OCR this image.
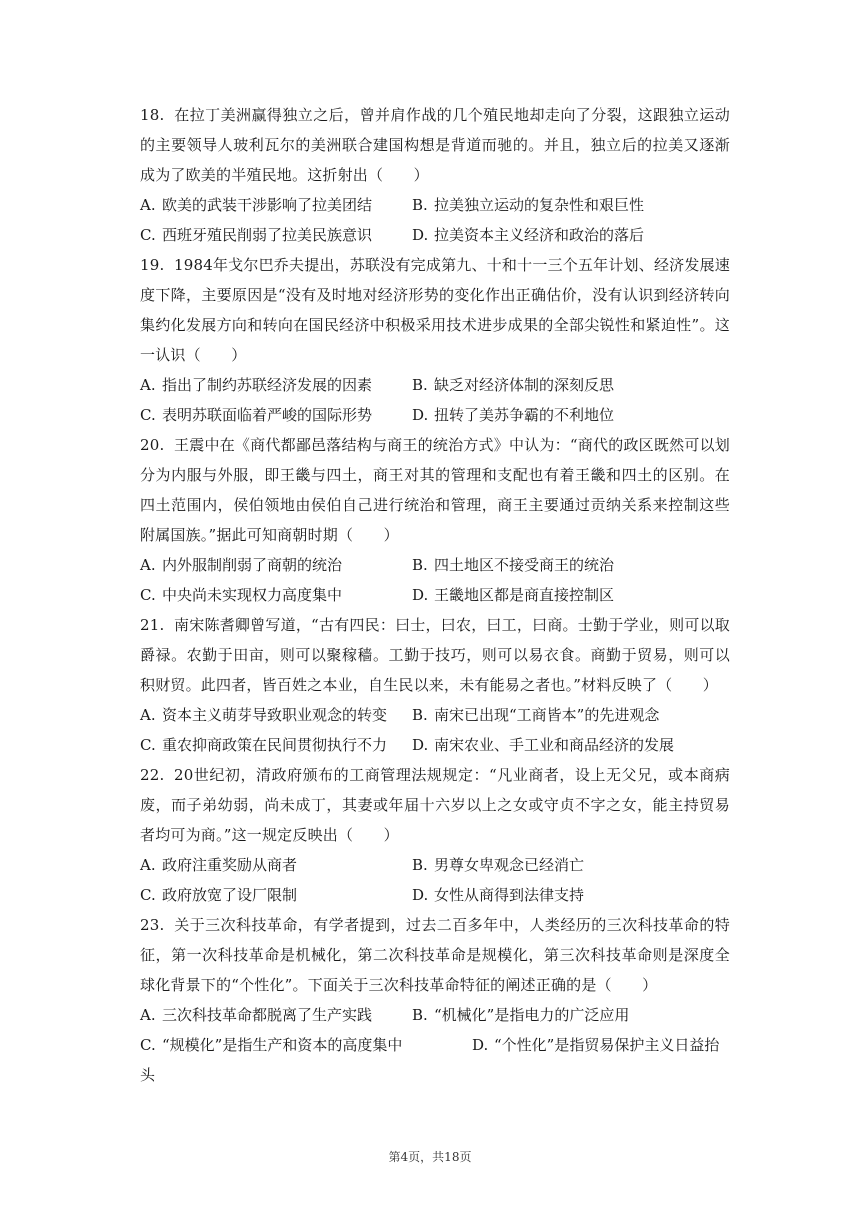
18. 在拉丁美洲赢得独立之后，曾并肩作战的几个殖民地却走向了分裂，这跟独立运动的主要领导人玻利瓦尔的美洲联合建国构想是背道而驰的。并且，独立后的拉美又逐渐成为了欧美的半殖民地。这折射出（　　）

A. 欧美的武装干涉影响了拉美团结	B. 拉美独立运动的复杂性和艰巨性
C. 西班牙殖民削弱了拉美民族意识	D. 拉美资本主义经济和政治的落后

19. 1984年戈尔巴乔夫提出，苏联没有完成第九、十和十一三个五年计划、经济发展速度下降，主要原因是“没有及时地对经济形势的变化作出正确估价，没有认识到经济转向集约化发展方向和转向在国民经济中积极采用技术进步成果的全部尖锐性和紧迫性”。这一认识（　　）

A. 指出了制约苏联经济发展的因素	B. 缺乏对经济体制的深刻反思
C. 表明苏联面临着严峻的国际形势	D. 扭转了美苏争霸的不利地位

20. 王震中在《商代都鄙邑落结构与商王的统治方式》中认为：“商代的政区既然可以划分为内服与外服，即王畿与四土，商王对其的管理和支配也有着王畿和四土的区别。在四土范围内，侯伯领地由侯伯自己进行统治和管理，商王主要通过贡纳关系来控制这些附属国族。”据此可知商朝时期（　　）

A. 内外服制削弱了商朝的统治	B. 四土地区不接受商王的统治
C. 中央尚未实现权力高度集中	D. 王畿地区都是商直接控制区

21. 南宋陈耆卿曾写道，“古有四民：曰士，曰农，曰工，曰商。士勤于学业，则可以取爵禄。农勤于田亩，则可以聚稼穑。工勤于技巧，则可以易衣食。商勤于贸易，则可以积财贸。此四者，皆百姓之本业，自生民以来，未有能易之者也。”材料反映了（　　）

A. 资本主义萌芽导致职业观念的转变	B. 南宋已出现“工商皆本”的先进观念
C. 重农抑商政策在民间贯彻执行不力	D. 南宋农业、手工业和商品经济的发展

22. 20世纪初，清政府颁布的工商管理法规规定：“凡业商者，设上无父兄，或本商病废，而子弟幼弱，尚未成丁，其妻或年届十六岁以上之女或守贞不字之女，能主持贸易者均可为商。”这一规定反映出（　　）

A. 政府注重奖励从商者	B. 男尊女卑观念已经消亡
C. 政府放宽了设厂限制	D. 女性从商得到法律支持

23. 关于三次科技革命，有学者提到，过去二百多年中，人类经历的三次科技革命的特征，第一次科技革命是机械化，第二次科技革命是规模化，第三次科技革命则是深度全球化背景下的“个性化”。下面关于三次科技革命特征的阐述正确的是（　　）

A. 三次科技革命都脱离了生产实践	B. “机械化”是指电力的广泛应用
C. “规模化”是指生产和资本的高度集中	D. “个性化”是指贸易保护主义日益抬头
第4页，共18页
